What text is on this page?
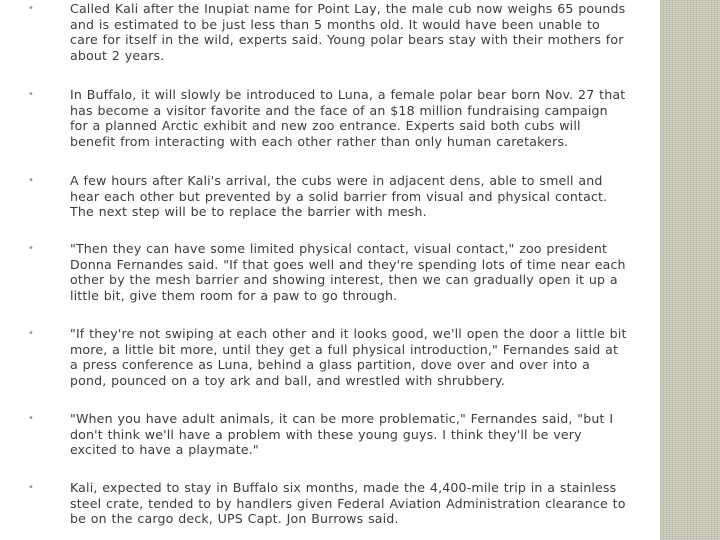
•	Called Kali after the Inupiat name for Point Lay, the male cub now weighs 65 pounds and is estimated to be just less than 5 months old. It would have been unable to care for itself in the wild, experts said. Young polar bears stay with their mothers for about 2 years.
•	In Buffalo, it will slowly be introduced to Luna, a female polar bear born Nov. 27 that has become a visitor favorite and the face of an $18 million fundraising campaign for a planned Arctic exhibit and new zoo entrance. Experts said both cubs will benefit from interacting with each other rather than only human caretakers.
•	A few hours after Kali's arrival, the cubs were in adjacent dens, able to smell and hear each other but prevented by a solid barrier from visual and physical contact. The next step will be to replace the barrier with mesh.
•	"Then they can have some limited physical contact, visual contact," zoo president Donna Fernandes said. "If that goes well and they're spending lots of time near each other by the mesh barrier and showing interest, then we can gradually open it up a little bit, give them room for a paw to go through.
•	"If they're not swiping at each other and it looks good, we'll open the door a little bit more, a little bit more, until they get a full physical introduction," Fernandes said at a press conference as Luna, behind a glass partition, dove over and over into a pond, pounced on a toy ark and ball, and wrestled with shrubbery.
•	"When you have adult animals, it can be more problematic," Fernandes said, "but I don't think we'll have a problem with these young guys. I think they'll be very excited to have a playmate."
•	Kali, expected to stay in Buffalo six months, made the 4,400-mile trip in a stainless steel crate, tended to by handlers given Federal Aviation Administration clearance to be on the cargo deck, UPS Capt. Jon Burrows said.
